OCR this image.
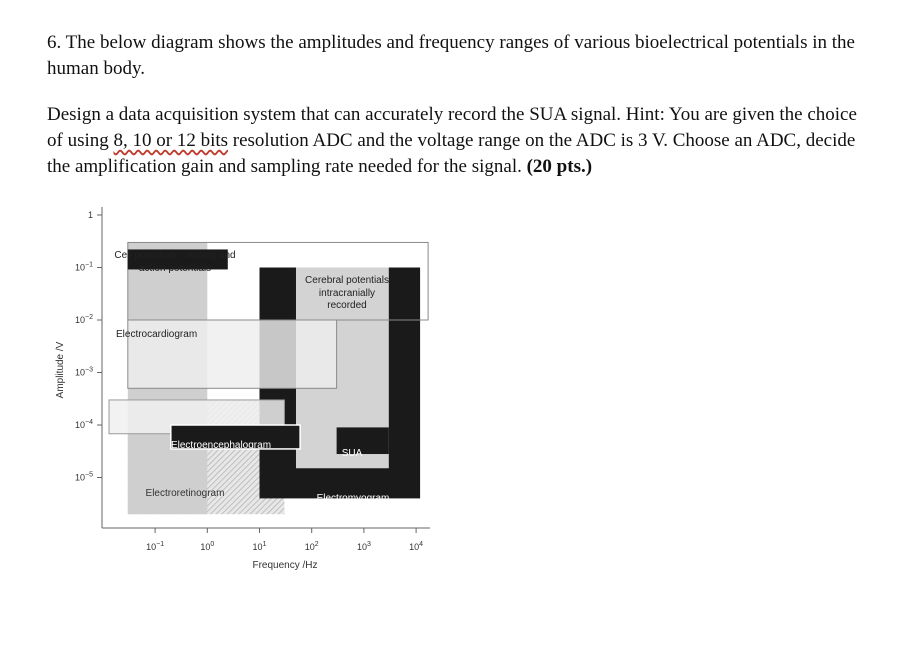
6. The below diagram shows the amplitudes and frequency ranges of various bioelectrical potentials in the human body.

Design a data acquisition system that can accurately record the SUA signal. Hint: You are given the choice of using 8, 10 or 12 bits resolution ADC and the voltage range on the ADC is 3 V. Choose an ADC, decide the amplification gain and sampling rate needed for the signal. (20 pts.)

Muscle potentials
Cell potentials - resting and
action potentials
Cerebral potentials
intracranially
recorded
Electrocardiogram
Electroencephalogram
SUA
Electroretinogram	Electromyogram
1
$10^{-1}$
$10^{-2}$
$10^{-3}$
$10^{-4}$
$10^{-5}$
$10^{-1}$	$10^0$	$10^1$	$10^2$	$10^3$	$10^4$
Frequency /Hz
Amplitude /V
